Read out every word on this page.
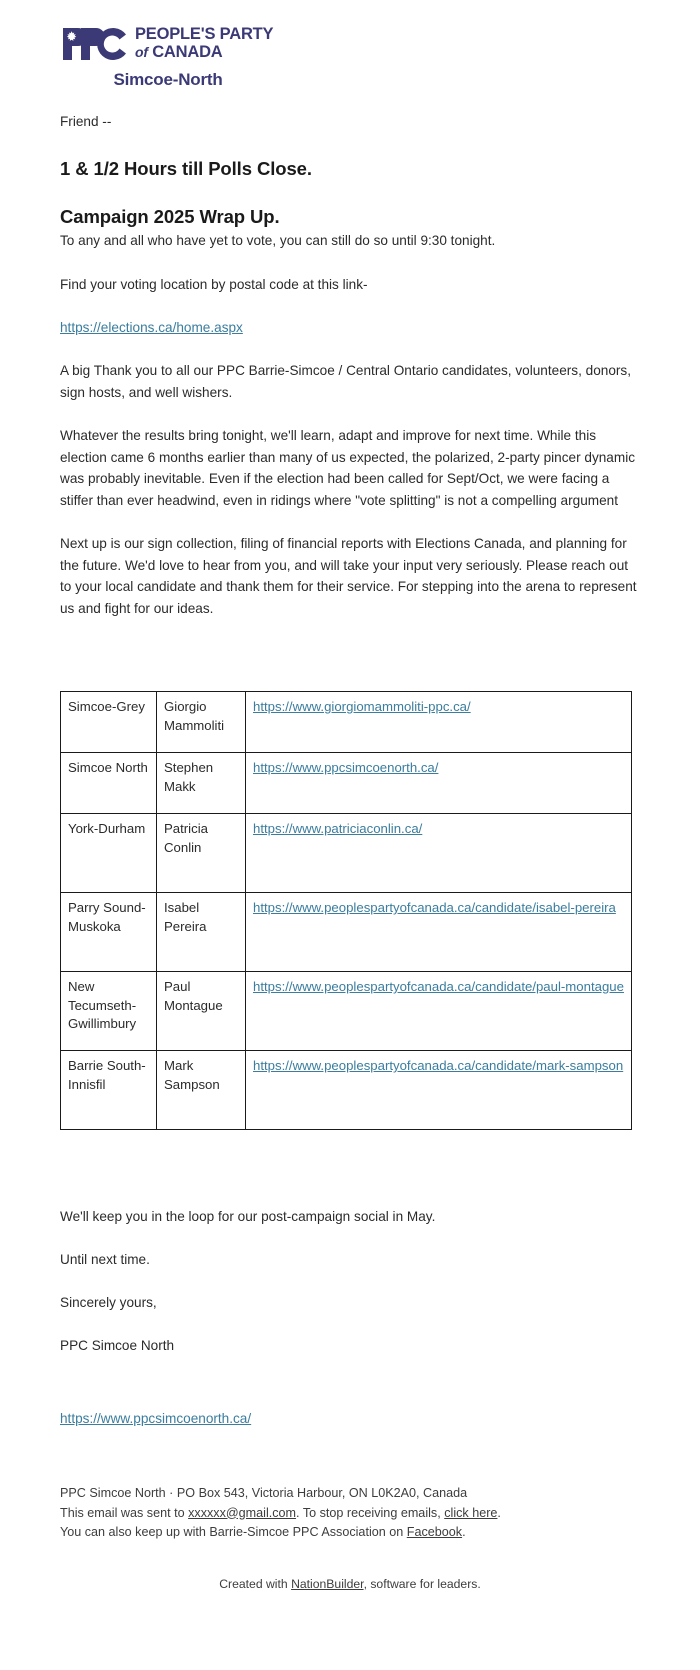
PEOPLE'S PARTY
of CANADA
Simcoe-North

Friend --

1 & 1/2 Hours till Polls Close.
Campaign 2025 Wrap Up.

To any and all who have yet to vote, you can still do so until 9:30 tonight.

Find your voting location by postal code at this link-

https://elections.ca/home.aspx

A big Thank you to all our PPC Barrie-Simcoe / Central Ontario candidates, volunteers, donors, sign hosts, and well wishers.

Whatever the results bring tonight, we'll learn, adapt and improve for next time. While this election came 6 months earlier than many of us expected, the polarized, 2-party pincer dynamic was probably inevitable. Even if the election had been called for Sept/Oct, we were facing a stiffer than ever headwind, even in ridings where "vote splitting" is not a compelling argument

Next up is our sign collection, filing of financial reports with Elections Canada, and planning for the future. We'd love to hear from you, and will take your input very seriously. Please reach out to your local candidate and thank them for their service. For stepping into the arena to represent us and fight for our ideas.

Simcoe-Grey	Giorgio Mammoliti	https://www.giorgiomammoliti-ppc.ca/
Simcoe North	Stephen Makk	https://www.ppcsimcoenorth.ca/
York-Durham	Patricia Conlin	https://www.patriciaconlin.ca/
Parry Sound-Muskoka	Isabel Pereira	https://www.peoplespartyofcanada.ca/candidate/isabel-pereira
New Tecumseth-Gwillimbury	Paul Montague	https://www.peoplespartyofcanada.ca/candidate/paul-montague
Barrie South-Innisfil	Mark Sampson	https://www.peoplespartyofcanada.ca/candidate/mark-sampson

We'll keep you in the loop for our post-campaign social in May.

Until next time.

Sincerely yours,

PPC Simcoe North

https://www.ppcsimcoenorth.ca/

PPC Simcoe North · PO Box 543, Victoria Harbour, ON L0K2A0, Canada

This email was sent to xxxxxx@gmail.com. To stop receiving emails, click here.

You can also keep up with Barrie-Simcoe PPC Association on Facebook.

Created with NationBuilder, software for leaders.
